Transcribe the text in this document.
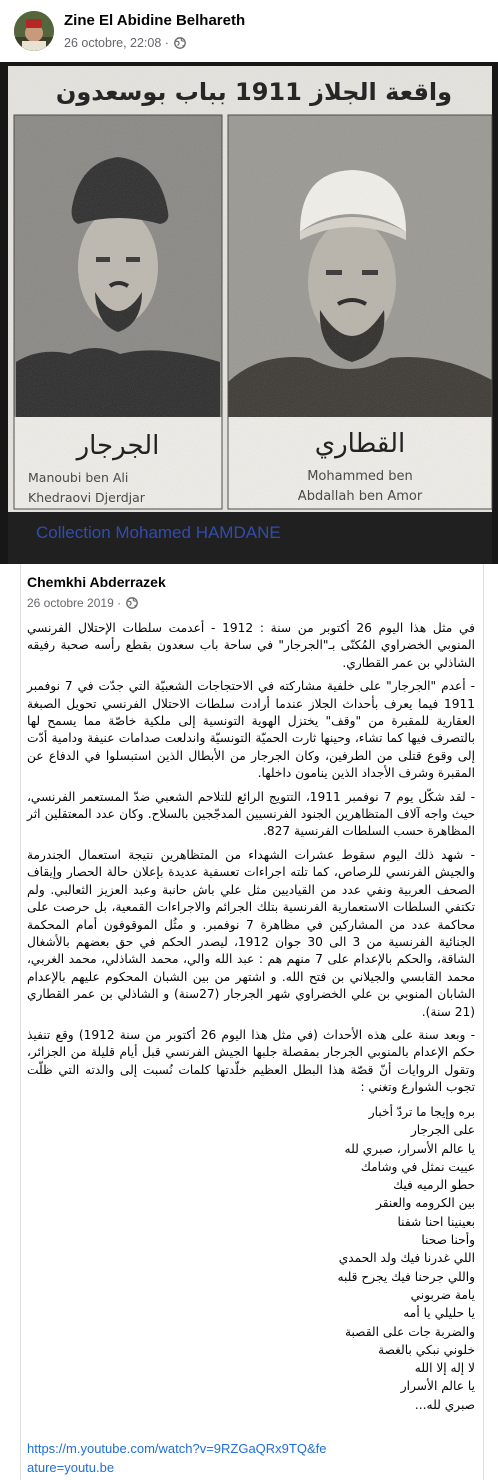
Zine El Abidine Belhareth
26 octobre, 22:08 ·
واقعة الجلاز 1911 بباب بوسعدون
الجرجار
Manoubi ben Ali
Khedraovi Djerdjar
القطاري
Mohammed ben
Abdallah ben Amor
Collection Mohamed HAMDANE
Chemkhi Abderrazek
26 octobre 2019 ·

في مثل هذا اليوم 26 أكتوبر من سنة : 1912 - أعدمت سلطات الإحتلال الفرنسي المنوبي الخضراوي المُكنّى بـ"الجرجار" في ساحة باب سعدون بقطع رأسه صحبة رفيقه الشاذلي بن عمر القطاري.

- أعدم "الجرجار" على خلفية مشاركته في الاحتجاجات الشعبيّة التي جدّت في 7 نوفمبر 1911 فيما يعرف بأحداث الجلاز عندما أرادت سلطات الاحتلال الفرنسي تحويل الصبغة العقارية للمقبرة من "وقف" يختزل الهوية التونسية إلى ملكية خاصّة مما يسمح لها بالتصرف فيها كما تشاء، وحينها ثارت الحميّة التونسيّة واندلعت صدامات عنيفة ودامية أدّت إلى وقوع قتلى من الطرفين، وكان الجرجار من الأبطال الذين استبسلوا في الدفاع عن المقبرة وشرف الأجداد الذين ينامون داخلها.

- لقد شكّل يوم 7 نوفمبر 1911، التتويج الرائع للتلاحم الشعبي ضدّ المستعمر الفرنسي، حيث واجه آلاف المتظاهرين الجنود الفرنسيين المدجّجين بالسلاح. وكان عدد المعتقلين اثر المظاهرة حسب السلطات الفرنسية 827.

- شهد ذلك اليوم سقوط عشرات الشهداء من المتظاهرين نتيجة استعمال الجندرمة والجيش الفرنسي للرصاص، كما تلته اجراءات تعسفية عديدة بإعلان حالة الحصار وإيقاف الصحف العربية ونفي عدد من القياديين مثل علي باش حانبة وعبد العزيز الثعالبي. ولم تكتفي السلطات الاستعمارية الفرنسية بتلك الجرائم والاجراءات القمعية، بل حرصت على محاكمة عدد من المشاركين في مظاهرة 7 نوفمبر. و مثُل الموقوفون أمام المحكمة الجنائية الفرنسية من 3 الى 30 جوان 1912، ليصدر الحكم في حق بعضهم بالأشغال الشاقة، والحكم بالإعدام على 7 منهم هم : عبد الله والي، محمد الشاذلي، محمد الغربي، محمد القابسي والجيلاني بن فتح الله. و اشتهر من بين الشبان المحكوم عليهم بالإعدام الشابان المنوبي بن علي الخضراوي شهر الجرجار (27سنة) و الشاذلي بن عمر القطاري (21 سنة).

- وبعد سنة على هذه الأحداث (في مثل هذا اليوم 26 أكتوبر من سنة 1912) وقع تنفيذ حكم الإعدام بالمنوبي الجرجار بمقصلة جلبها الجيش الفرنسي قبل أيام قليلة من الجزائر، وتقول الروايات أنّ قصّة هذا البطل العظيم خلّدتها كلمات نُسبت إلى والدته التي ظلّت تجوب الشوارع وتغني :

بره وإيجا ما تردّ أخبار
على الجرجار
يا عالم الأسرار، صبري لله
عييت نمثل في وشامك
حطو الرميه فيك
بين الكرومه والعنقر
بعينينا احنا شفنا
وأحنا صحنا
اللي غدرنا فيك ولد الحمدي
واللي جرحنا فيك يجرح قلبه
يامة ضربوني
يا حليلي يا أمه
والضربة جات على القصبة
خلوني نبكي بالغصة
لا إله إلا الله
يا عالم الأسرار
صبري لله...
https://m.youtube.com/watch?v=9RZGaQRx9TQ&feature=youtu.be
